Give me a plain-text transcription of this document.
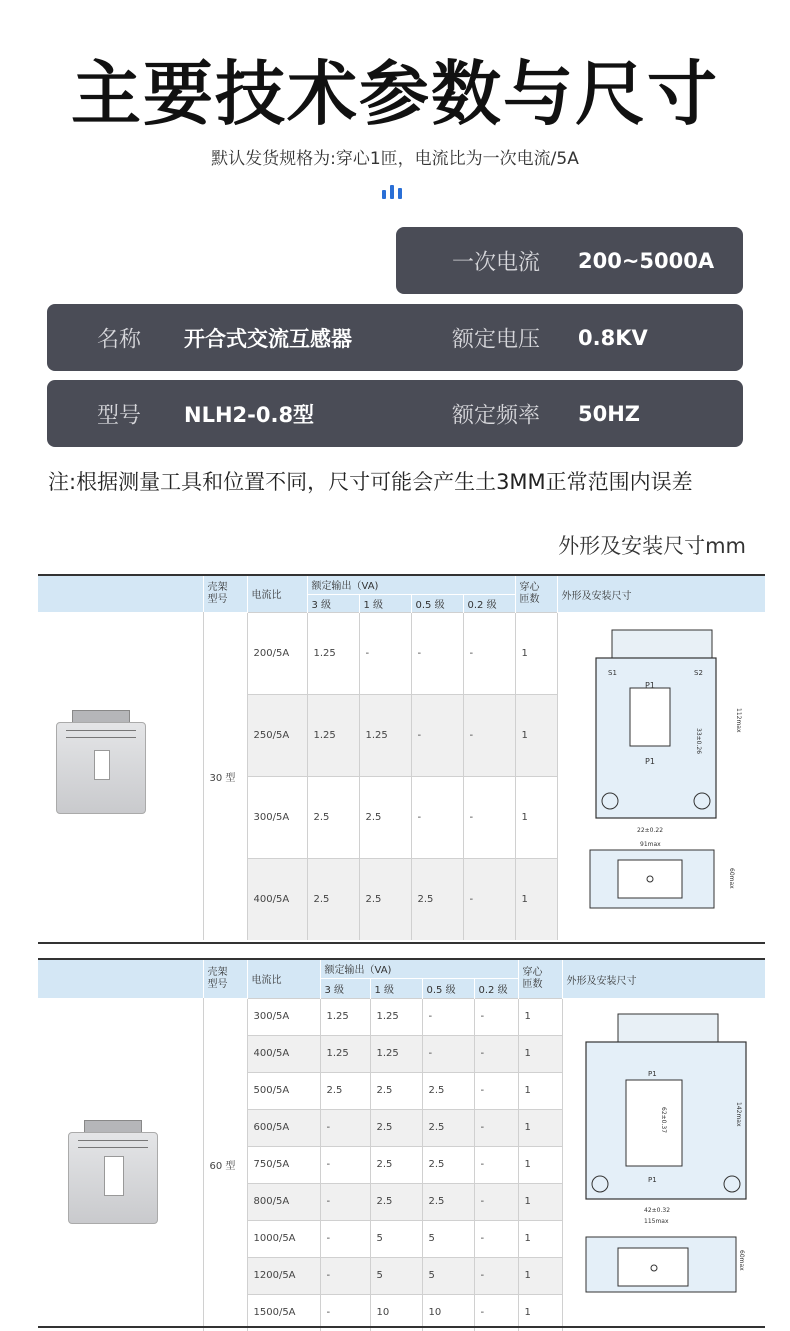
主要技术参数与尺寸
默认发货规格为:穿心1匝，电流比为一次电流/5A
一次电流 200~5000A
名称 开合式交流互感器	额定电压 0.8KV
型号 NLH2-0.8型	额定频率 50HZ
注:根据测量工具和位置不同，尺寸可能会产生土3MM正常范围内误差
外形及安装尺寸mm
	壳架
型号	电流比	额定输出（VA)				穿心
匝数	外形及安装尺寸
			3 级	1 级	0.5 级	0.2 级		
	30 型	200/5A	1.25	-	-	-	1	
		250/5A	1.25	1.25	-	-	1	
		300/5A	2.5	2.5	-	-	1	
		400/5A	2.5	2.5	2.5	-	1	
	壳架
型号	电流比	额定输出（VA)				穿心
匝数	外形及安装尺寸
			3 级	1 级	0.5 级	0.2 级		
	60 型	300/5A	1.25	1.25	-	-	1	
		400/5A	1.25	1.25	-	-	1	
		500/5A	2.5	2.5	2.5	-	1	
		600/5A	-	2.5	2.5	-	1	
		750/5A	-	2.5	2.5	-	1	
		800/5A	-	2.5	2.5	-	1	
		1000/5A	-	5	5	-	1	
		1200/5A	-	5	5	-	1	
		1500/5A	-	10	10	-	1	
P1
P1
S1	S2
33±0.26
112max
22±0.22
91max
60max
P1
P1
62±0.37	142max
42±0.32
115max
60max
